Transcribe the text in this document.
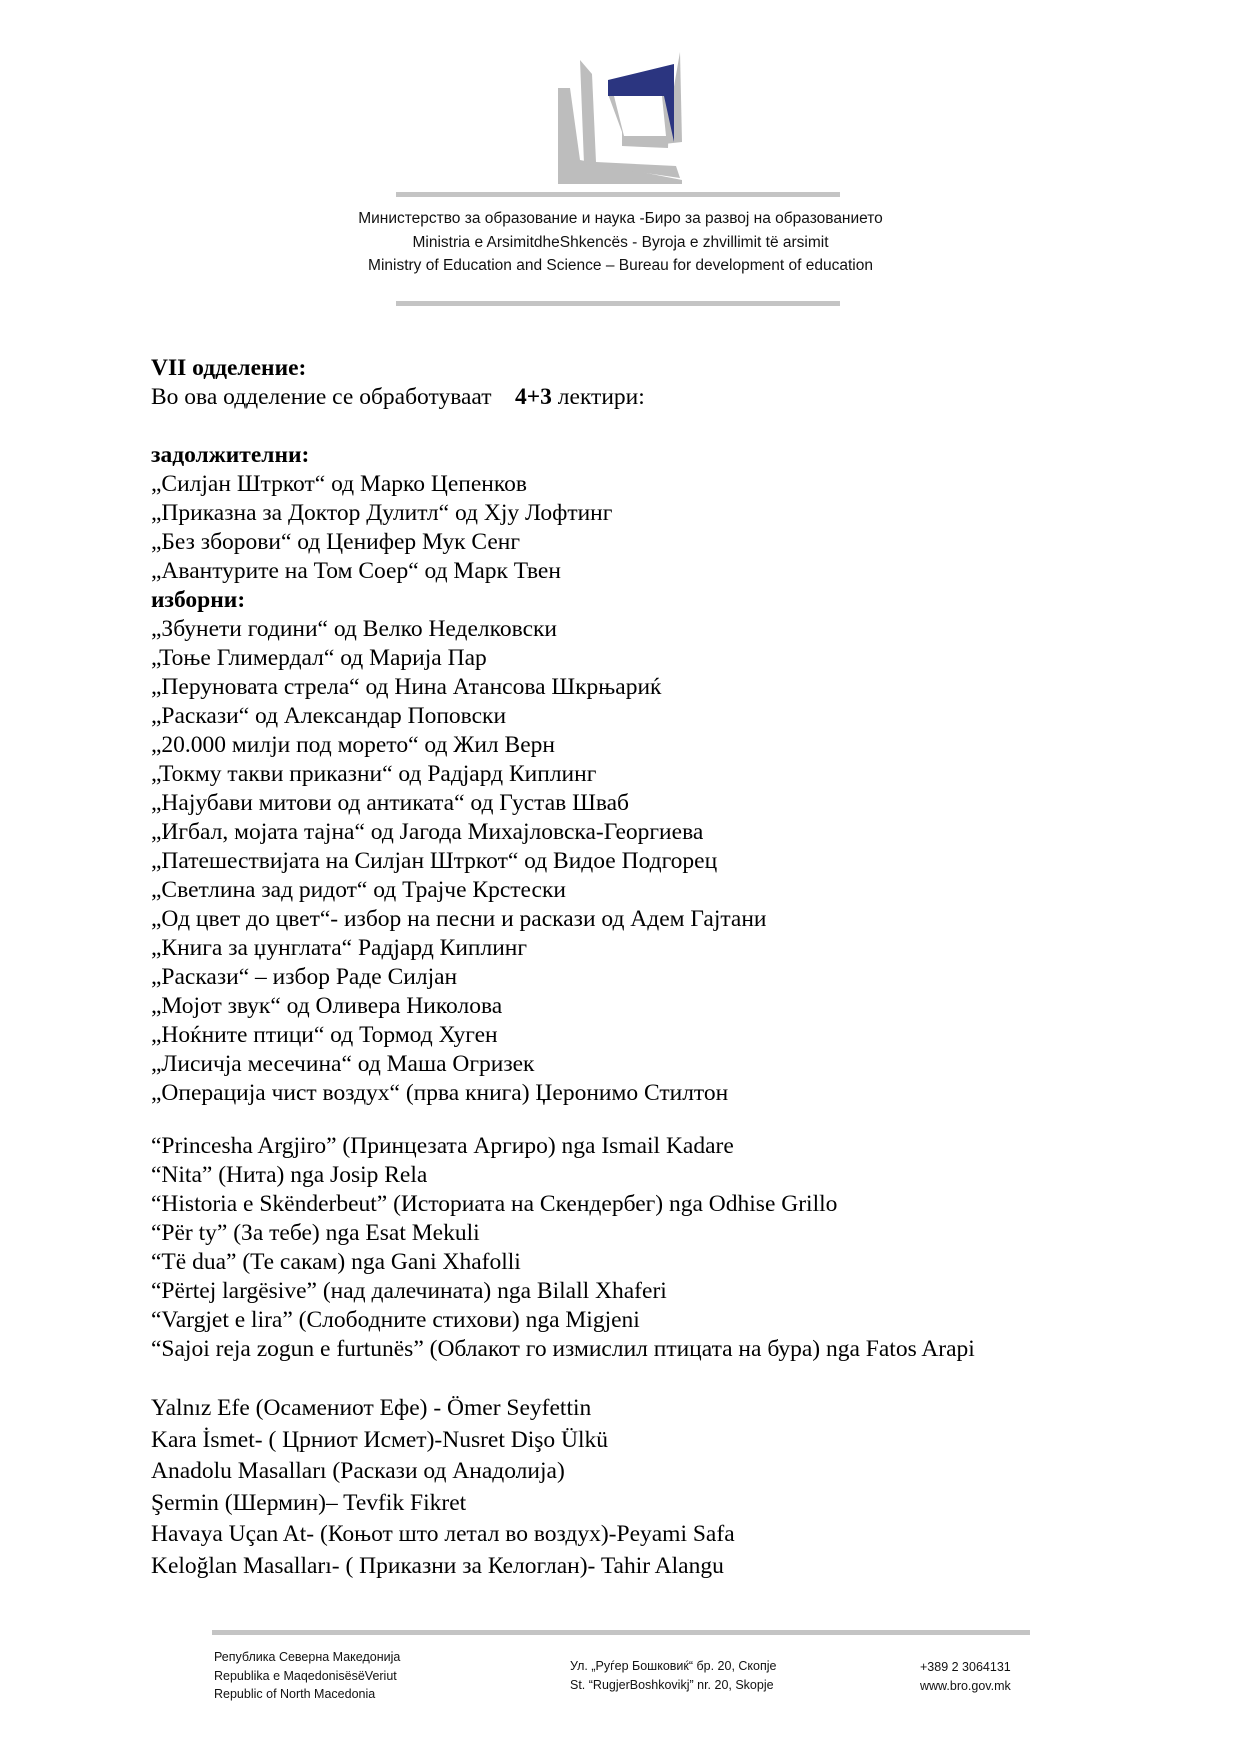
Министерство за образование и наука -Биро за развој на образованието
Ministria e ArsimitdheShkencës - Byroja e zhvillimit të arsimit
Ministry of Education and Science – Bureau for development of education
VII одделение:
Во ова одделение се обработуваат 4+3 лектири:
задолжителни:
„Силјан Штркот“ од Марко Цепенков
„Приказна за Доктор Дулитл“ од Хју Лофтинг
„Без зборови“ од Ценифер Мук Сенг
„Авантурите на Том Соер“ од Марк Твен
изборни:
„Збунети години“ од Велко Неделковски
„Тоње Глимердал“ од Марија Пар
„Перуновата стрела“ од Нина Атансова Шкрњариќ
„Раскази“ од Александар Поповски
„20.000 милји под морето“ од Жил Верн
„Токму такви приказни“ од Радјард Киплинг
„Најубави митови од антиката“ од Густав Шваб
„Игбал, мојата тајна“ од Јагода Михајловска-Георгиева
„Патешествијата на Силјан Штркот“ од Видое Подгорец
„Светлина зад ридот“ од Трајче Крстески
„Од цвет до цвет“- избор на песни и раскази од Адем Гајтани
„Книга за џунглата“ Радјард Киплинг
„Раскази“ – избор Раде Силјан
„Мојот звук“ од Оливера Николова
„Ноќните птици“ од Тормод Хуген
„Лисичја месечина“ од Маша Огризек
„Операција чист воздух“ (прва книга) Џеронимо Стилтон
“Princesha Argjiro” (Принцезата Аргиро) nga Ismail Kadare
“Nita” (Нита) nga Josip Rela
“Historia e Skënderbeut” (Историата на Скендербег) nga Odhise Grillo
“Për ty” (За тебе) nga Esat Mekuli
“Të dua” (Те сакам) nga Gani Xhafolli
“Përtej largësive” (над далечината) nga Bilall Xhaferi
“Vargjet e lira” (Слободните стихови) nga Migjeni
“Sajoi reja zogun e furtunës” (Облакот го измислил птицата на бура) nga Fatos Arapi
Yalnız Efe (Осамениот Ефе) - Ömer Seyfettin
Kara İsmet- ( Црниот Исмет)-Nusret Dişo Ülkü
Anadolu Masalları (Раскази од Анадолија)
Şermin (Шермин)– Tevfik Fikret
Havaya Uçan At- (Коњот што летал во воздух)-Peyami Safa
Keloğlan Masalları- ( Приказни за Келоглан)- Tahir Alangu
Република Северна Македонија
Republika e MaqedonisësëVeriut
Republic of North Macedonia
Ул. „Руѓер Бошковиќ“ бр. 20, Скопје
St. “RugjerBoshkovikj” nr. 20, Skopje
+389 2 3064131
www.bro.gov.mk
